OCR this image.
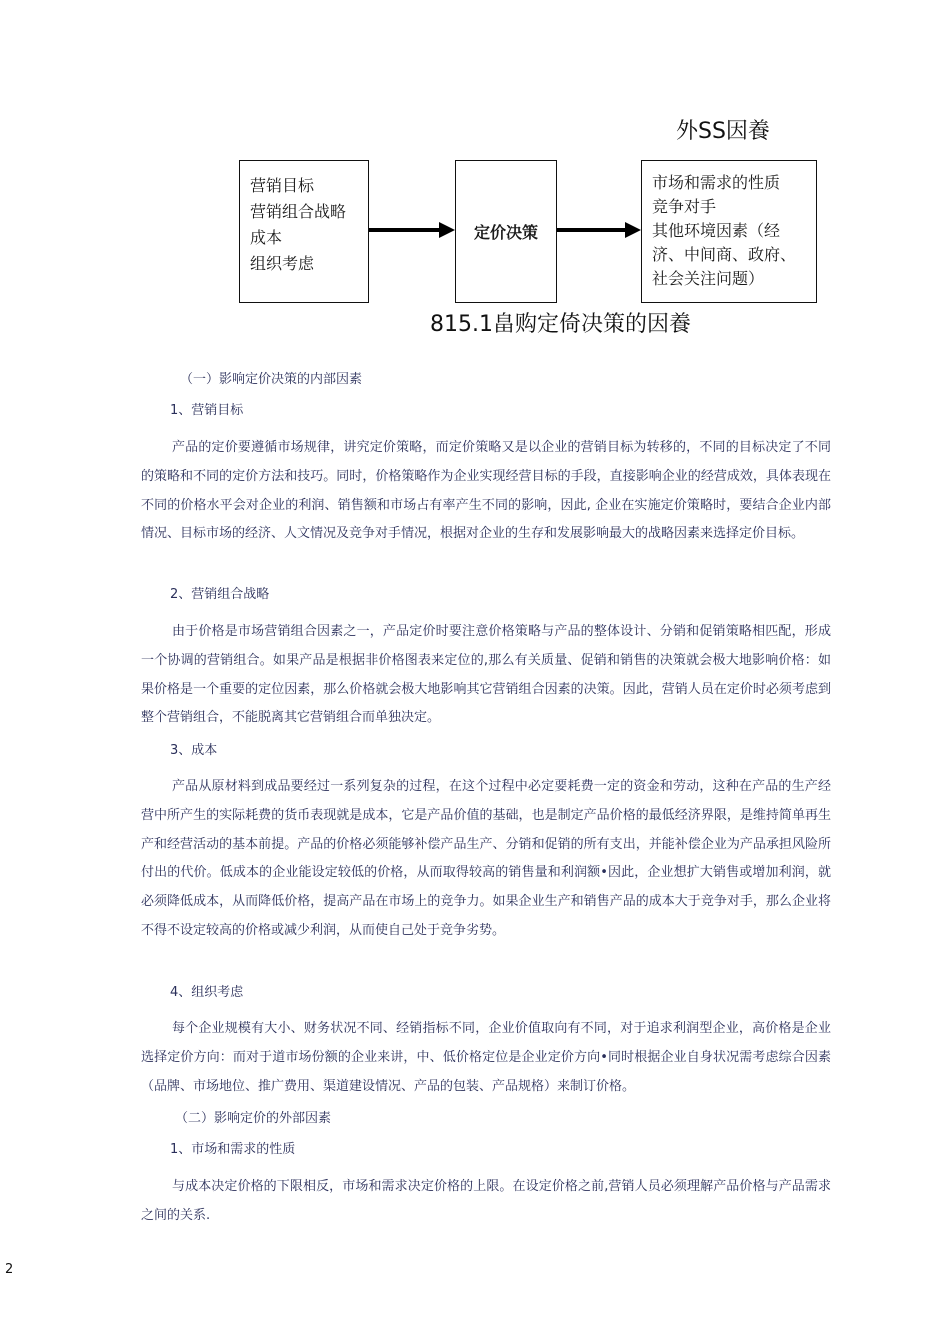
外SS因養
营销目标
营销组合战略
成本
组织考虑
定价决策
市场和需求的性质
竞争对手
其他环境因素（经
济、中间商、政府、
社会关注问题）
815.1畠购定倚决策的因養
（一）影响定价决策的内部因素
1、营销目标
产品的定价要遵循市场规律，讲究定价策略，而定价策略又是以企业的营销目标为转移的，不同的目标决定了不同的策略和不同的定价方法和技巧。同时，价格策略作为企业实现经营目标的手段，直接影响企业的经营成效，具体表现在不同的价格水平会对企业的利润、销售额和市场占有率产生不同的影响，因此, 企业在实施定价策略时，要结合企业内部情况、目标市场的经济、人文情况及竞争对手情况，根据对企业的生存和发展影响最大的战略因素来选择定价目标。
2、营销组合战略
由于价格是市场营销组合因素之一，产品定价时要注意价格策略与产品的整体设计、分销和促销策略相匹配，形成一个协调的营销组合。如果产品是根据非价格图表来定位的,那么有关质量、促销和销售的决策就会极大地影响价格：如果价格是一个重要的定位因素，那么价格就会极大地影响其它营销组合因素的决策。因此，营销人员在定价时必须考虑到整个营销组合，不能脱离其它营销组合而单独决定。
3、成本
产品从原材料到成品要经过一系列复杂的过程，在这个过程中必定要耗费一定的资金和劳动，这种在产品的生产经营中所产生的实际耗费的货币表现就是成本，它是产品价值的基础，也是制定产品价格的最低经济界限，是维持简单再生产和经营活动的基本前提。产品的价格必须能够补偿产品生产、分销和促销的所有支出，并能补偿企业为产品承担风险所付出的代价。低成本的企业能设定较低的价格，从而取得较高的销售量和利润额•因此，企业想扩大销售或增加利润，就必须降低成本，从而降低价格，提高产品在市场上的竞争力。如果企业生产和销售产品的成本大于竞争对手，那么企业将不得不设定较高的价格或减少利润，从而使自己处于竞争劣势。
4、组织考虑
每个企业规模有大小、财务状况不同、经销指标不同，企业价值取向有不同，对于追求利润型企业，高价格是企业选择定价方向：而对于道市场份额的企业来讲，中、低价格定位是企业定价方向•同时根据企业自身状况需考虑综合因素（品牌、市场地位、推广费用、渠道建设情况、产品的包装、产品规格）来制订价格。
（二）影响定价的外部因素
1、市场和需求的性质
与成本决定价格的下限相反，市场和需求决定价格的上限。在设定价格之前,营销人员必须理解产品价格与产品需求之间的关系.
2
